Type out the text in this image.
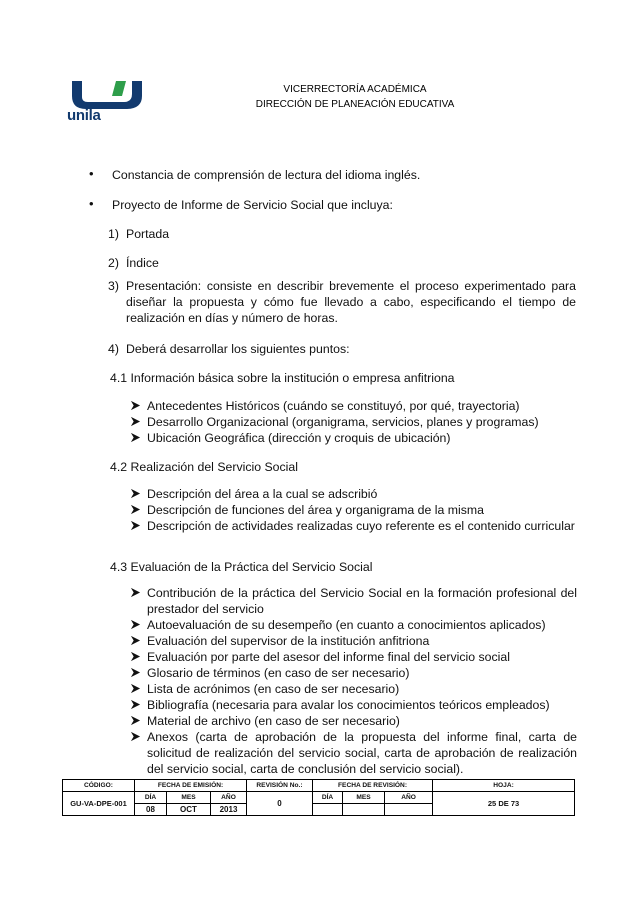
unila
VICERRECTORÍA ACADÉMICA
DIRECCIÓN DE PLANEACIÓN EDUCATIVA
• Constancia de comprensión de lectura del idioma inglés.
• Proyecto de Informe de Servicio Social que incluya:
1) Portada
2) Índice
3) Presentación: consiste en describir brevemente el proceso experimentado para diseñar la propuesta y cómo fue llevado a cabo, especificando el tiempo de realización en días y número de horas.
4) Deberá desarrollar los siguientes puntos:
4.1 Información básica sobre la institución o empresa anfitriona
Antecedentes Históricos (cuándo se constituyó, por qué, trayectoria)
Desarrollo Organizacional (organigrama, servicios, planes y programas)
Ubicación Geográfica (dirección y croquis de ubicación)
4.2 Realización del Servicio Social
Descripción del área a la cual se adscribió
Descripción de funciones del área y organigrama de la misma
Descripción de actividades realizadas cuyo referente es el contenido curricular
4.3 Evaluación de la Práctica del Servicio Social
Contribución de la práctica del Servicio Social en la formación profesional del prestador del servicio
Autoevaluación de su desempeño (en cuanto a conocimientos aplicados)
Evaluación del supervisor de la institución anfitriona
Evaluación por parte del asesor del informe final del servicio social
Glosario de términos (en caso de ser necesario)
Lista de acrónimos (en caso de ser necesario)
Bibliografía (necesaria para avalar los conocimientos teóricos empleados)
Material de archivo (en caso de ser necesario)
Anexos (carta de aprobación de la propuesta del informe final, carta de solicitud de realización del servicio social, carta de aprobación de realización del servicio social, carta de conclusión del servicio social).
CÓDIGO:	FECHA DE EMISIÓN:			REVISIÓN No.:	FECHA DE REVISIÓN:			HOJA:
GU-VA-DPE-001	DÍA	MES	AÑO	0	DÍA	MES	AÑO	25 DE 73
	08	OCT	2013					
